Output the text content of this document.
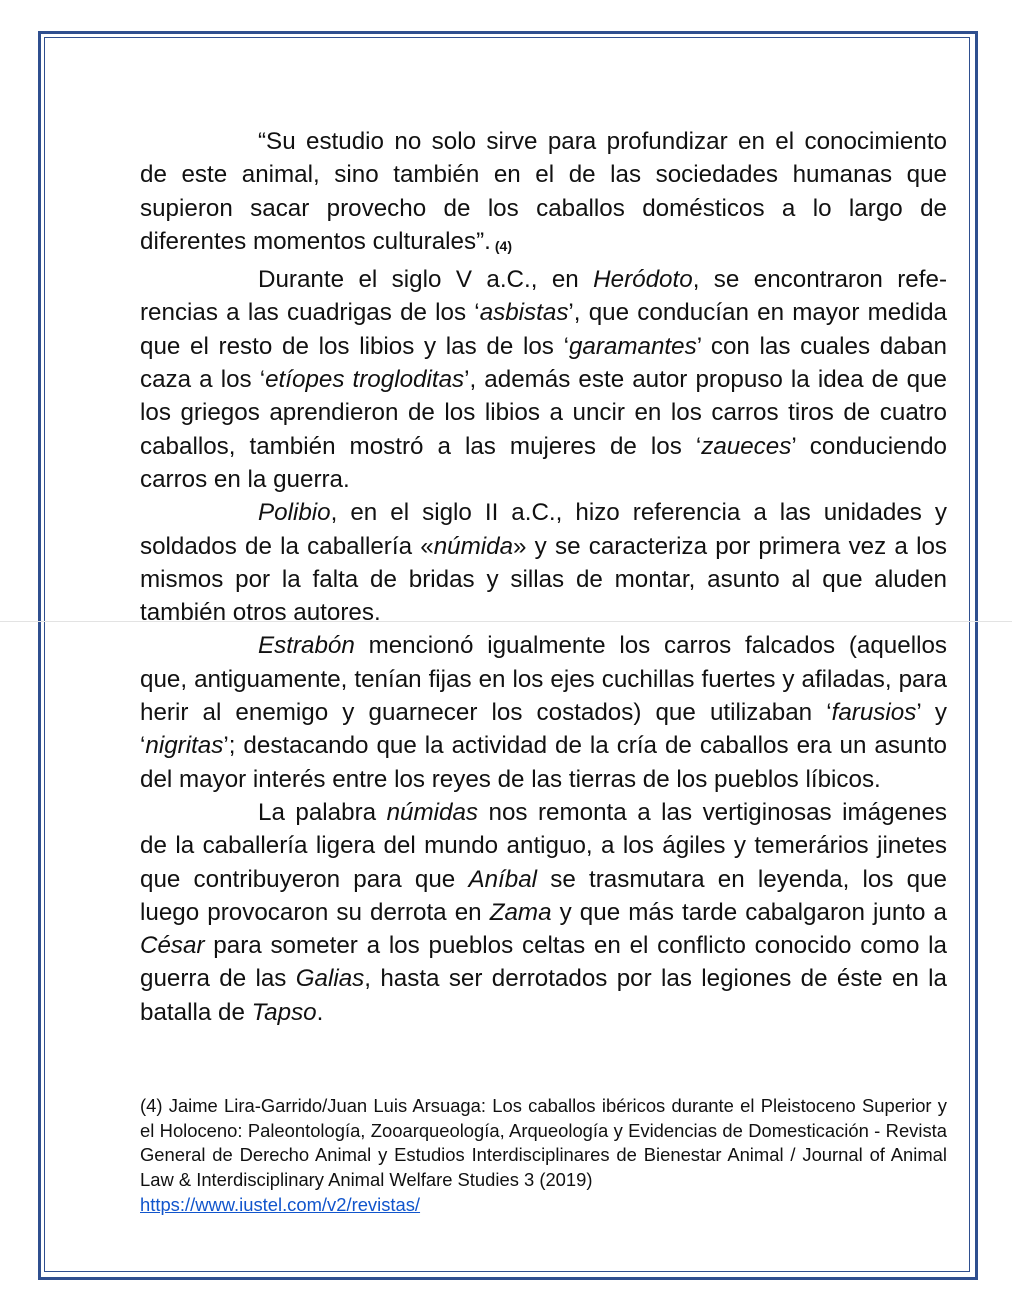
“Su estudio no solo sirve para profundizar en el conocimiento de este animal, sino también en el de las sociedades humanas que supieron sacar provecho de los caballos domésticos a lo largo de diferentes momentos culturales”. (4)

Durante el siglo V a.C., en Heródoto, se encontraron referencias a las cuadrigas de los ‘asbistas’, que conducían en mayor medida que el resto de los libios y las de los ‘garamantes’ con las cuales daban caza a los ‘etíopes trogloditas’, además este autor propuso la idea de que los griegos aprendieron de los libios a uncir en los carros tiros de cuatro caballos, también mostró a las mujeres de los ‘zaueces’ conduciendo carros en la guerra.

Polibio, en el siglo II a.C., hizo referencia a las unidades y soldados de la caballería «númida» y se caracteriza por primera vez a los mismos por la falta de bridas y sillas de montar, asunto al que aluden también otros autores.

Estrabón mencionó igualmente los carros falcados (aquellos que, antiguamente, tenían fijas en los ejes cuchillas fuertes y afiladas, para herir al enemigo y guarnecer los costados) que utilizaban ‘farusios’ y ‘nigritas’; destacando que la actividad de la cría de caballos era un asunto del mayor interés entre los reyes de las tierras de los pueblos líbicos.

La palabra númidas nos remonta a las vertiginosas imágenes de la caballería ligera del mundo antiguo, a los ágiles y temerários jinetes que contribuyeron para que Aníbal se trasmutara en leyenda, los que luego provocaron su derrota en Zama y que más tarde cabalgaron junto a César para someter a los pueblos celtas en el conflicto conocido como la guerra de las Galias, hasta ser derrotados por las legiones de éste en la batalla de Tapso.

(4) Jaime Lira-Garrido/Juan Luis Arsuaga: Los caballos ibéricos durante el Pleistoceno Superior y el Holoceno: Paleontología, Zooarqueología, Arqueología y Evidencias de Domesticación - Revista General de Derecho Animal y Estudios Interdisciplinares de Bienestar Animal / Journal of Animal Law & Interdisciplinary Animal Welfare Studies 3 (2019)

https://www.iustel.com/v2/revistas/
